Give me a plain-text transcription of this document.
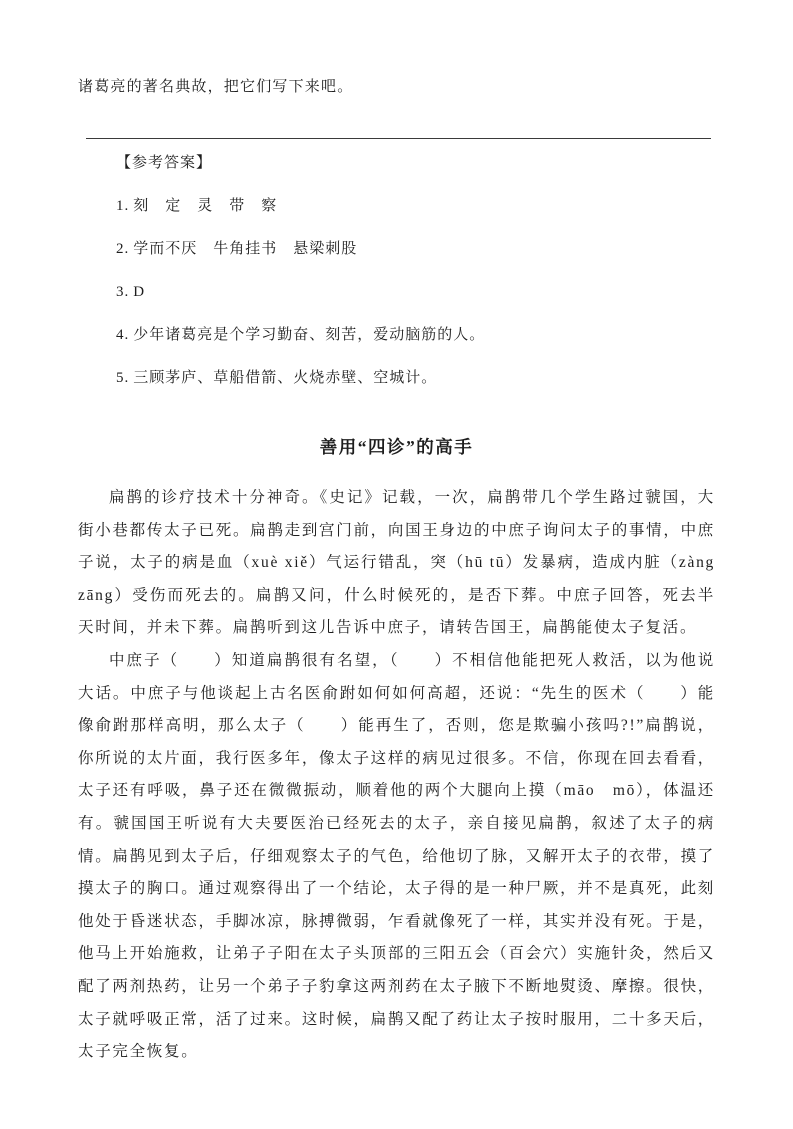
诸葛亮的著名典故，把它们写下来吧。

【参考答案】

1. 刻　定　灵　带　察

2. 学而不厌　牛角挂书　悬梁刺股

3. D

4. 少年诸葛亮是个学习勤奋、刻苦，爱动脑筋的人。

5. 三顾茅庐、草船借箭、火烧赤壁、空城计。

善用“四诊”的高手

扁鹊的诊疗技术十分神奇。《史记》记载，一次，扁鹊带几个学生路过虢国，大街小巷都传太子已死。扁鹊走到宫门前，向国王身边的中庶子询问太子的事情，中庶子说，太子的病是血（xuè xiě）气运行错乱，突（hū tū）发暴病，造成内脏（zàng zāng）受伤而死去的。扁鹊又问，什么时候死的，是否下葬。中庶子回答，死去半天时间，并未下葬。扁鹊听到这儿告诉中庶子，请转告国王，扁鹊能使太子复活。

中庶子（　　）知道扁鹊很有名望，（　　）不相信他能把死人救活，以为他说大话。中庶子与他谈起上古名医俞跗如何如何高超，还说：“先生的医术（　　）能像俞跗那样高明，那么太子（　　）能再生了，否则，您是欺骗小孩吗?!”扁鹊说，你所说的太片面，我行医多年，像太子这样的病见过很多。不信，你现在回去看看，太子还有呼吸，鼻子还在微微振动，顺着他的两个大腿向上摸（māo　mō），体温还有。虢国国王听说有大夫要医治已经死去的太子，亲自接见扁鹊，叙述了太子的病情。扁鹊见到太子后，仔细观察太子的气色，给他切了脉，又解开太子的衣带，摸了摸太子的胸口。通过观察得出了一个结论，太子得的是一种尸厥，并不是真死，此刻他处于昏迷状态，手脚冰凉，脉搏微弱，乍看就像死了一样，其实并没有死。于是，他马上开始施救，让弟子子阳在太子头顶部的三阳五会（百会穴）实施针灸，然后又配了两剂热药，让另一个弟子子豹拿这两剂药在太子腋下不断地熨烫、摩擦。很快，太子就呼吸正常，活了过来。这时候，扁鹊又配了药让太子按时服用，二十多天后，太子完全恢复。
